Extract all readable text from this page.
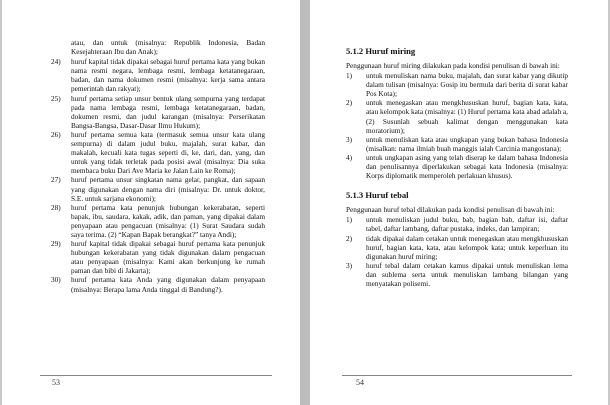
atau, dan untuk (misalnya: Republik Indonesia, Badan Kesejahteraan Ibu dan Anak);

24)	huruf kapital tidak dipakai sebagai huruf pertama kata yang bukan nama resmi negara, lembaga resmi, lembaga ketatanegaraan, badan, dan nama dokumen resmi (misalnya: kerja sama antara pemerintah dan rakyat);
25)	huruf pertama setiap unsur bentuk ulang sempurna yang terdapat pada nama lembaga resmi, lembaga ketatanegaraan, badan, dokumen resmi, dan judul karangan (misalnya: Perserikatan Bangsa-Bangsa, Dasar-Dasar Ilmu Hukum);
26)	huruf pertama semua kata (termasuk semua unsur kata ulang sempurna) di dalam judul buku, majalah, surat kabar, dan makalah, kecuali kata tugas seperti di, ke, dari, dan, yang, dan untuk yang tidak terletak pada posisi awal (misalnya: Dia suka membaca buku Dari Ave Maria ke Jalan Lain ke Roma);
27)	huruf pertama unsur singkatan nama gelar, pangkat, dan sapaan yang digunakan dengan nama diri (misalnya: Dr. untuk doktor, S.E. untuk sarjana ekonomi);
28)	huruf pertama kata penunjuk hubungan kekerabatan, seperti bapak, ibu, saudara, kakak, adik, dan paman, yang dipakai dalam penyapaan atau pengacuan (misalnya: (1) Surat Saudara sudah saya terima. (2) “Kapan Bapak berangkat?” tanya Andi);
29)	huruf kapital tidak dipakai sebagai huruf pertama kata penunjuk hubungan kekerabatan yang tidak digunakan dalam pengacuan atau penyapaan (misalnya: Kami akan berkunjung ke rumah paman dan bibi di Jakarta);
30)	huruf pertama kata Anda yang digunakan dalam penyapaan (misalnya: Berapa lama Anda tinggal di Bandung?).
53
5.1.2 Huruf miring

Penggunaan huruf miring dilakukan pada kondisi penulisan di bawah ini:

1)	untuk menuliskan nama buku, majalah, dan surat kabar yang dikutip dalam tulisan (misalnya: Gosip itu bermula dari berita di surat kabar Pos Kota);
2)	untuk menegaskan atau mengkhususkan huruf, bagian kata, kata, atau kelompok kata (misalnya: (1) Huruf pertama kata abad adalah a, (2) Susunlah sebuah kalimat dengan menggunakan kata moratorium);
3)	untuk menuliskan kata atau ungkapan yang bukan bahasa Indonesia (misalkan: nama ilmiah buah manggis ialah Carcinia mangostana);
4)	untuk ungkapan asing yang telah diserap ke dalam bahasa Indonesia dan penulisannya diperlakukan sebagai kata Indonesia (misalnya: Korps diplomatik memperoleh perlakuan khusus).
5.1.3 Huruf tebal

Penggunaan huruf tebal dilakukan pada kondisi penulisan di bawah ini:

1)	untuk menuliskan judul buku, bab, bagian bab, daftar isi, daftar tabel, daftar lambang, daftar pustaka, indeks, dan lampiran;
2)	tidak dipakai dalam cetakan untuk menegaskan atau mengkhususkan huruf, bagian kata, kata, atau kelompok kata; untuk keperluan itu digunakan huruf miring;
3)	huruf tebal dalam cetakan kamus dipakai untuk menuliskan lema dan sublema serta untuk menuliskan lambang bilangan yang menyatakan polisemi.
54
